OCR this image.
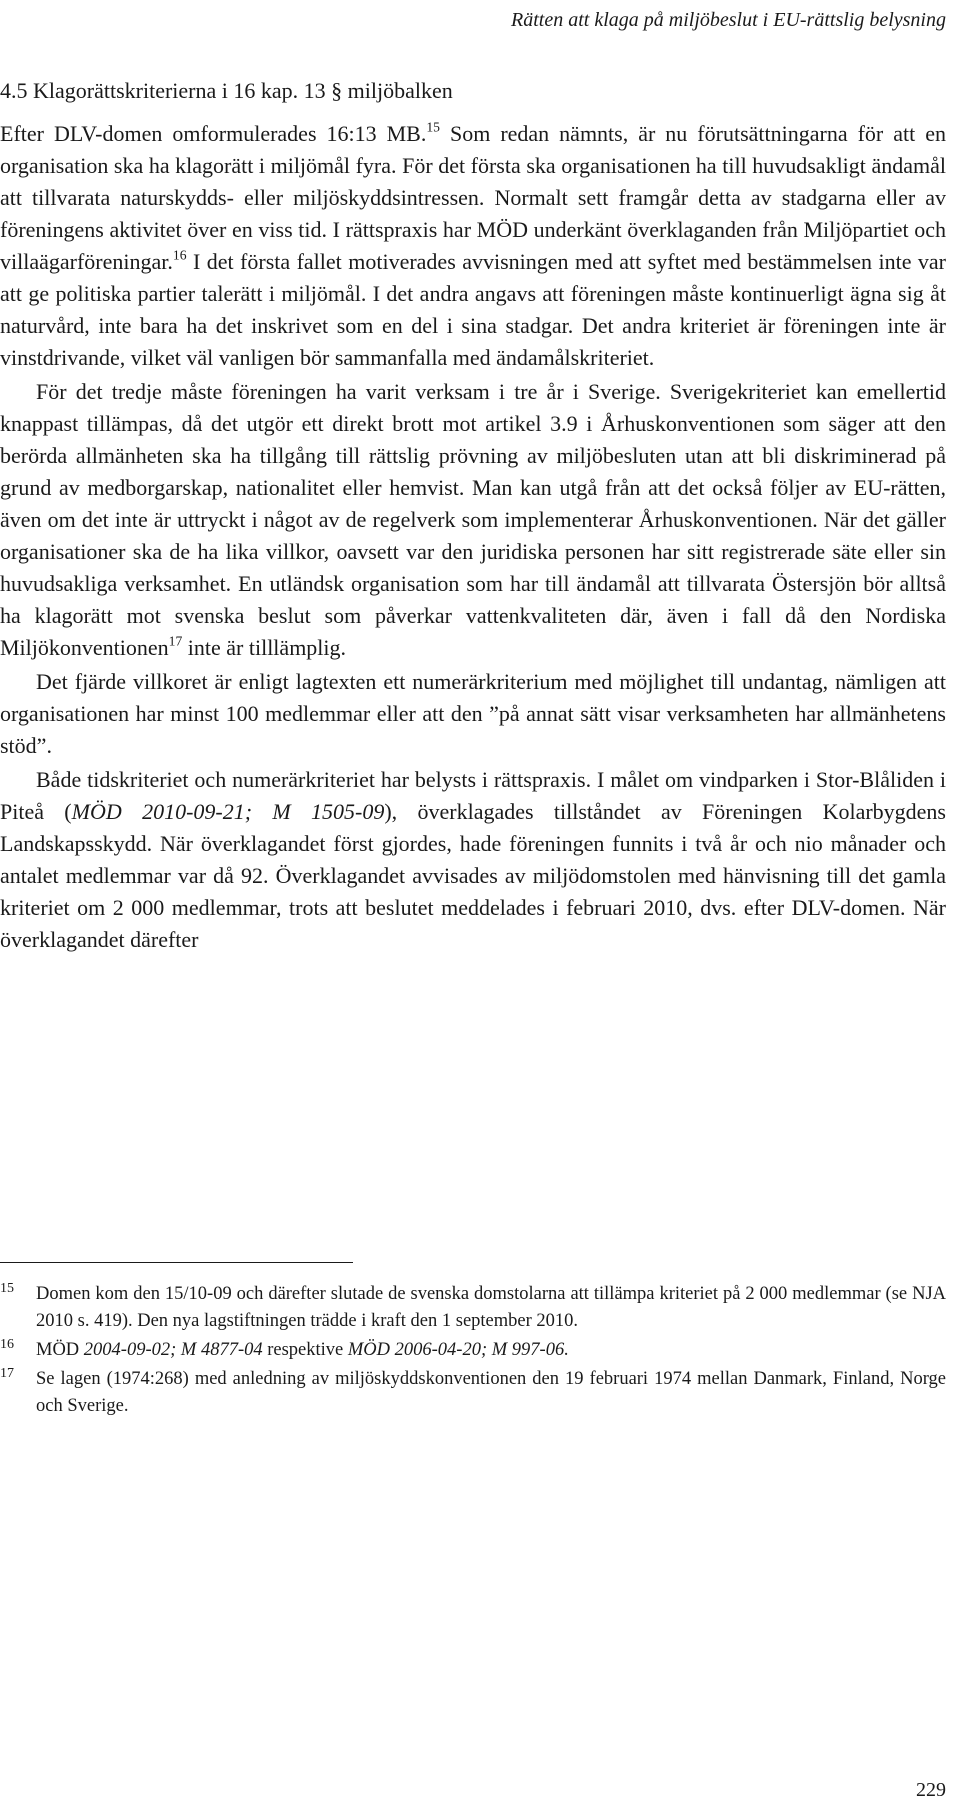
Rätten att klaga på miljöbeslut i EU-rättslig belysning
4.5 Klagorättskriterierna i 16 kap. 13 § miljöbalken

Efter DLV-domen omformulerades 16:13 MB.$^{15}$ Som redan nämnts, är nu förutsättningarna för att en organisation ska ha klagorätt i miljömål fyra. För det första ska organisationen ha till huvudsakligt ändamål att tillvarata naturskydds- eller miljöskyddsintressen. Normalt sett framgår detta av stadgarna eller av föreningens aktivitet över en viss tid. I rättspraxis har MÖD underkänt överklaganden från Miljöpartiet och villaägarföreningar.$^{16}$ I det första fallet motiverades avvisningen med att syftet med bestämmelsen inte var att ge politiska partier talerätt i miljömål. I det andra angavs att föreningen måste kontinuerligt ägna sig åt naturvård, inte bara ha det inskrivet som en del i sina stadgar. Det andra kriteriet är föreningen inte är vinstdrivande, vilket väl vanligen bör sammanfalla med ändamålskriteriet.

För det tredje måste föreningen ha varit verksam i tre år i Sverige. Sverigekriteriet kan emellertid knappast tillämpas, då det utgör ett direkt brott mot artikel 3.9 i Århuskonventionen som säger att den berörda allmänheten ska ha tillgång till rättslig prövning av miljöbesluten utan att bli diskriminerad på grund av medborgarskap, nationalitet eller hemvist. Man kan utgå från att det också följer av EU-rätten, även om det inte är uttryckt i något av de regelverk som implementerar Århuskonventionen. När det gäller organisationer ska de ha lika villkor, oavsett var den juridiska personen har sitt registrerade säte eller sin huvudsakliga verksamhet. En utländsk organisation som har till ändamål att tillvarata Östersjön bör alltså ha klagorätt mot svenska beslut som påverkar vattenkvaliteten där, även i fall då den Nordiska Miljökonventionen$^{17}$ inte är tilllämplig.

Det fjärde villkoret är enligt lagtexten ett numerärkriterium med möjlighet till undantag, nämligen att organisationen har minst 100 medlemmar eller att den ”på annat sätt visar verksamheten har allmänhetens stöd”.

Både tidskriteriet och numerärkriteriet har belysts i rättspraxis. I målet om vindparken i Stor-Blåliden i Piteå (MÖD 2010-09-21; M 1505-09), överklagades tillståndet av Föreningen Kolarbygdens Landskapsskydd. När överklagandet först gjordes, hade föreningen funnits i två år och nio månader och antalet medlemmar var då 92. Överklagandet avvisades av miljödomstolen med hänvisning till det gamla kriteriet om 2 000 medlemmar, trots att beslutet meddelades i februari 2010, dvs. efter DLV-domen. När överklagandet därefter

15 Domen kom den 15/10-09 och därefter slutade de svenska domstolarna att tillämpa kriteriet på 2 000 medlemmar (se NJA 2010 s. 419). Den nya lagstiftningen trädde i kraft den 1 september 2010.
16 MÖD 2004-09-02; M 4877-04 respektive MÖD 2006-04-20; M 997-06.
17 Se lagen (1974:268) med anledning av miljöskyddskonventionen den 19 februari 1974 mellan Danmark, Finland, Norge och Sverige.
229
